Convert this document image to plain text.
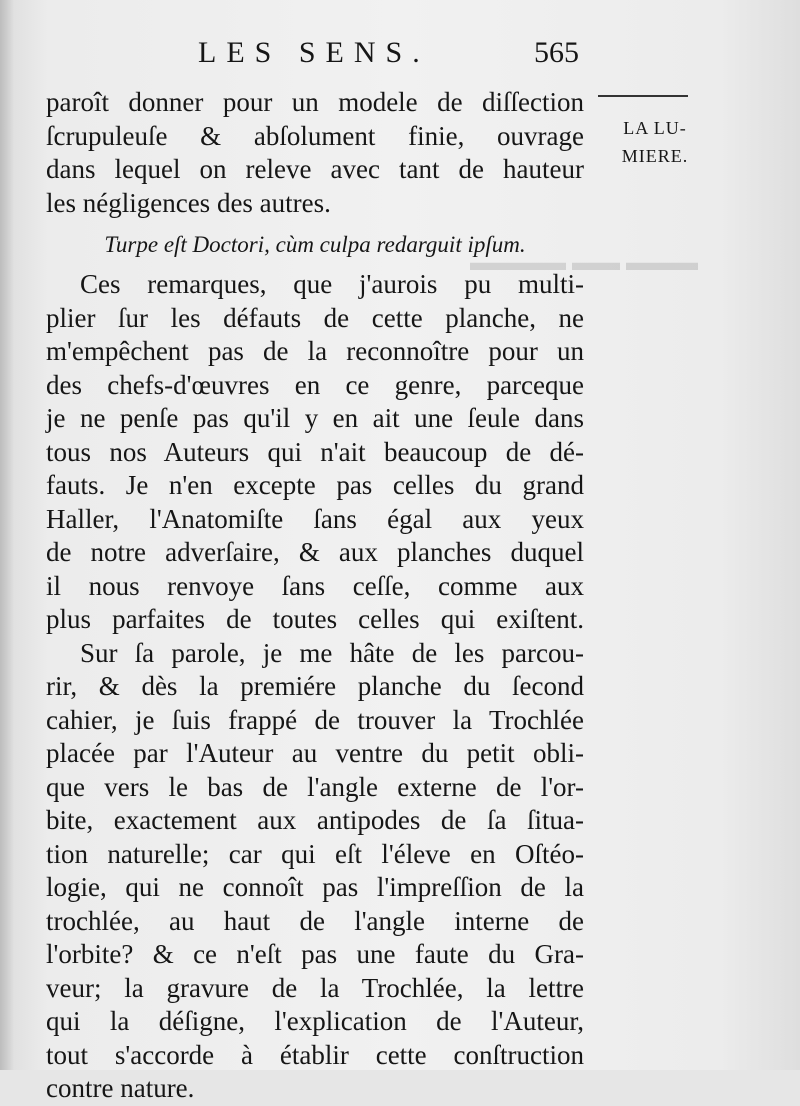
▬▬▬ ▬▬ ▬▬▬▬
LES SENS.	565
LA LU-
MIERE.
paroît donner pour un modele de diſſection
ſcrupuleuſe & abſolument finie, ouvrage
dans lequel on releve avec tant de hauteur
les négligences des autres.
Turpe eſt Doctori, cùm culpa redarguit ipſum.
Ces remarques, que j'aurois pu multi-
plier ſur les défauts de cette planche, ne
m'empêchent pas de la reconnoître pour un
des chefs-d'œuvres en ce genre, parceque
je ne penſe pas qu'il y en ait une ſeule dans
tous nos Auteurs qui n'ait beaucoup de dé-
fauts. Je n'en excepte pas celles du grand
Haller, l'Anatomiſte ſans égal aux yeux
de notre adverſaire, & aux planches duquel
il nous renvoye ſans ceſſe, comme aux
plus parfaites de toutes celles qui exiſtent.
Sur ſa parole, je me hâte de les parcou-
rir, & dès la premiére planche du ſecond
cahier, je ſuis frappé de trouver la Trochlée
placée par l'Auteur au ventre du petit obli-
que vers le bas de l'angle externe de l'or-
bite, exactement aux antipodes de ſa ſitua-
tion naturelle; car qui eſt l'éleve en Oſtéo-
logie, qui ne connoît pas l'impreſſion de la
trochlée, au haut de l'angle interne de
l'orbite? & ce n'eſt pas une faute du Gra-
veur; la gravure de la Trochlée, la lettre
qui la déſigne, l'explication de l'Auteur,
tout s'accorde à établir cette conſtruction
contre nature.
